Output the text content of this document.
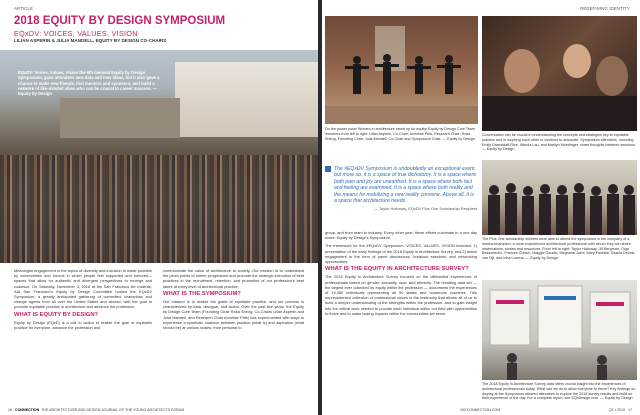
ARTICLE
2018 EQUITY BY DESIGN SYMPOSIUM
EQxDV: VOICES, VALUES, VISION
LILIAN ASPERIN & JULIA MANDELL, EQUITY BY DESIGN CO-CHAIRS
EQxDV: Voices, Values, Vision the 6th biennial Equity by Design Symposium, gave attendees new data and new ideas, but it also gave a chance to make new friends, find mentors and sponsors, and build a network of like-minded allies who can be crucial to career success. — Equity by Design

Meaningful engagement in the topics of diversity and inclusion is made possible by communities and forums in which people feel supported and honored—spaces that allow for authentic and divergent perspectives to emerge and coalesce. On Saturday, November 3, 2018 at the San Francisco Art Institute, AIA San Francisco's Equity by Design Committee hosted the EQxDV Symposium, a greatly anticipated gathering of committed champions and change agents from all over the United States and abroad, with the goal to promote equitable practice in architecture and advance the profession.

WHAT IS EQUITY BY DESIGN?

Equity by Design (EQxD) is a call to action to realize the goal of equitable practice for everyone, advance the profession and

communicate the value of architecture to society. Our mission is to understand the pinch points of career progression and promote the strategic execution of best practices in the recruitment, retention, and promotion of our profession's best talent at every level of architectural practice.

WHAT IS THE SYMPOSIUM?

Our mission is to realize the goals of equitable practice, and our process is characterized by data, dialogue, and action. Over the past five years, the Equity by Design Core Team (Founding Chair Rosa Sheng, Co-Chairs Lilian Asperin and Julia Mandell, and Research Chair Annelise Pitts) has experimented with ways to experience a symbiotic cadence between practice (what is) and aspiration (what should be) at various scales, from personal to

16 CONNECTION THE ARCHITECTURE AND DESIGN JOURNAL OF THE YOUNG ARCHITECTS FORUM
REDEFINING IDENTITY
Do the power pose! Women in architecture stand up for equity! Equity by Design Core Team members from left to right: Lilian Asperin, Co-Chair; Annelise Pitts, Research Chair; Rosa Sheng, Founding Chair; Julia Mandell, Co-Chair and Symposium Chair. — Equity by Design
Conversation can be crucial in understanding the concepts and strategies key to equitable practice and in inspiring each other to continue to advocate. Symposium attendees, including Emily Grandstaff-Rice, Wanda Lau, and Marilyn Moedinger, share thoughts between sessions. — Equity by Design
The #EQxDV Symposium is undoubtedly an exceptional event, but more so, it is a space of true dichotomy. It is a space where both pain and joy are unearthed. It is a space where both fact and feeling are examined. It is a space where both reality and the means for mobilizing a new reality convene. Above all, it is a space that architecture needs.
— Taylor Holloway, EQxDV Plus One Scholarship Recipient

group, and from team to industry. Every other year, these efforts culminate in a one day event: Equity by Design's Symposium.

The framework for the #EQxDV Symposium: VOICES, VALUES, VISION included: 1) presentation of the early findings of the 2018 Equity in Architecture Survey, and 2) active engagement in the form of panel discussions, breakout sessions, and networking opportunities.

WHAT IS THE EQUITY IN ARCHITECTURE SURVEY?

The 2018 Equity in Architecture Survey focused on the differential experiences of professionals based on gender, sexuality, race, and ethnicity. The resulting data set — the largest ever collected on equity within the profession — documents the experiences of 14,360 individuals representing all 50 states and numerous countries. This unprecedented collection of professional voices is the testimony that allows all of us to build a deeper understanding of the strengths within the profession, and to gain insight into the critical work needed to provide each individual within our field with opportunities to thrive and to make lasting impacts within the communities we serve.

The Plus One scholarship winners were able to attend the symposium in the company of a mentor/champion, a more experienced architectural professional with whom they can share observations, stories and resources. From left to right: Taylor Holloway, Jill Bergman, Olga Bessonenko, Frances Chiouh, Maggie Gaudio, Meghana Joshi, Mary Fantaldi, Saskia Dennis van Dijl, and Irina Lucena. — Equity by Design
The 2018 Equity in Architecture Survey data offers crucial insight into the experiences of architectural professionals today. What can we do to allow everyone to thrive? Key findings on display at the Symposium allowed attendees to explore the 2018 survey results and build on their experience of the day. For a complete report, see EQxDesign.com. — Equity by Design
YAFCONNECTION.COM	Q1 • 2019 17
